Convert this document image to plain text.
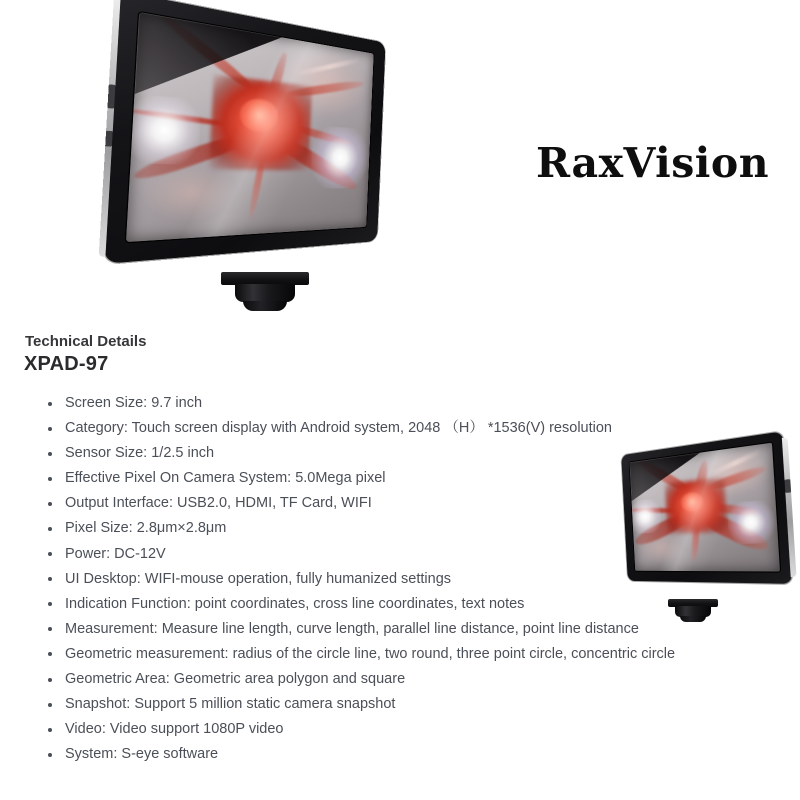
RaxVision
Technical Details
XPAD-97
Screen Size: 9.7 inch
Category: Touch screen display with Android system, 2048 （H） *1536(V) resolution
Sensor Size: 1/2.5 inch
Effective Pixel On Camera System: 5.0Mega pixel
Output Interface: USB2.0, HDMI, TF Card, WIFI
Pixel Size: 2.8μm×2.8μm
Power: DC-12V
UI Desktop: WIFI-mouse operation, fully humanized settings
Indication Function: point coordinates, cross line coordinates, text notes
Measurement: Measure line length, curve length, parallel line distance, point line distance
Geometric measurement: radius of the circle line, two round, three point circle, concentric circle
Geometric Area: Geometric area polygon and square
Snapshot: Support 5 million static camera snapshot
Video: Video support 1080P video
System: S-eye software
